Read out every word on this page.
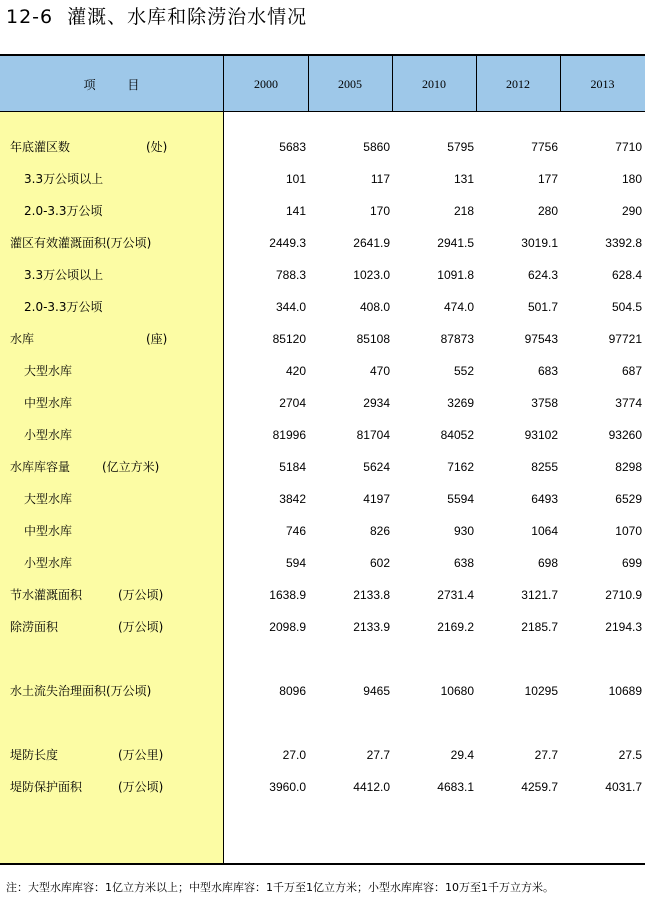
12-6 灌溉、水库和除涝治水情况
项 目	2000	2005	2010	2012	2013
年底灌区数	(处)	5683	5860	5795	7756	7710
3.3万公顷以上	101	117	131	177	180
2.0-3.3万公顷	141	170	218	280	290
灌区有效灌溉面积(万公顷)	2449.3	2641.9	2941.5	3019.1	3392.8
3.3万公顷以上	788.3	1023.0	1091.8	624.3	628.4
2.0-3.3万公顷	344.0	408.0	474.0	501.7	504.5
水库	(座)	85120	85108	87873	97543	97721
大型水库	420	470	552	683	687
中型水库	2704	2934	3269	3758	3774
小型水库	81996	81704	84052	93102	93260
水库库容量	(亿立方米)	5184	5624	7162	8255	8298
大型水库	3842	4197	5594	6493	6529
中型水库	746	826	930	1064	1070
小型水库	594	602	638	698	699
节水灌溉面积	(万公顷)	1638.9	2133.8	2731.4	3121.7	2710.9
除涝面积	(万公顷)	2098.9	2133.9	2169.2	2185.7	2194.3
水土流失治理面积(万公顷)	8096	9465	10680	10295	10689
堤防长度	(万公里)	27.0	27.7	29.4	27.7	27.5
堤防保护面积	(万公顷)	3960.0	4412.0	4683.1	4259.7	4031.7
注：大型水库库容：1亿立方米以上；中型水库库容：1千万至1亿立方米；小型水库库容：10万至1千万立方米。
